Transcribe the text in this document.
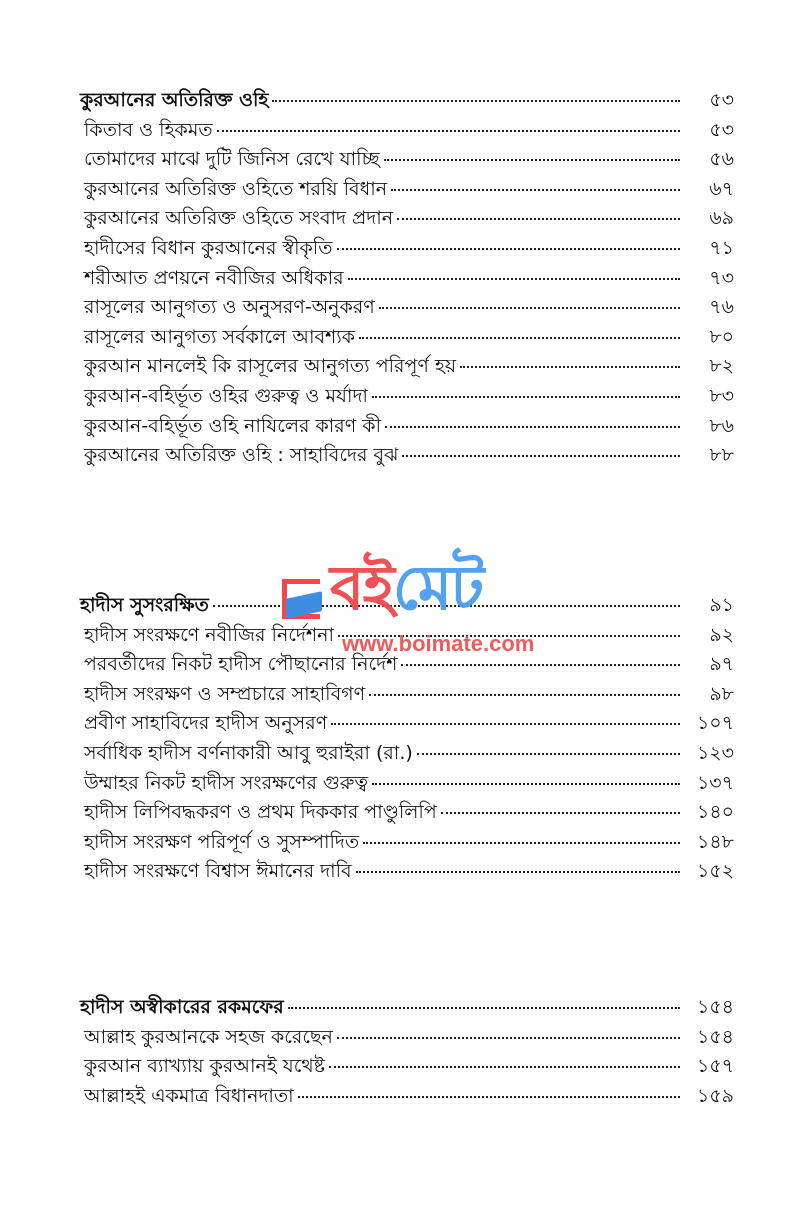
কুরআনের অতিরিক্ত ওহি	৫৩
কিতাব ও হিকমত	৫৩
তোমাদের মাঝে দুটি জিনিস রেখে যাচ্ছি	৫৬
কুরআনের অতিরিক্ত ওহিতে শরয়ি বিধান	৬৭
কুরআনের অতিরিক্ত ওহিতে সংবাদ প্রদান	৬৯
হাদীসের বিধান কুরআনের স্বীকৃতি	৭১
শরীআত প্রণয়নে নবীজির অধিকার	৭৩
রাসূলের আনুগত্য ও অনুসরণ-অনুকরণ	৭৬
রাসূলের আনুগত্য সর্বকালে আবশ্যক	৮০
কুরআন মানলেই কি রাসূলের আনুগত্য পরিপূর্ণ হয়	৮২
কুরআন-বহির্ভূত ওহির গুরুত্ব ও মর্যাদা	৮৩
কুরআন-বহির্ভূত ওহি নাযিলের কারণ কী	৮৬
কুরআনের অতিরিক্ত ওহি : সাহাবিদের বুঝ	৮৮
হাদীস সুসংরক্ষিত	৯১
হাদীস সংরক্ষণে নবীজির নির্দেশনা	৯২
পরবর্তীদের নিকট হাদীস পৌছানোর নির্দেশ	৯৭
হাদীস সংরক্ষণ ও সম্প্রচারে সাহাবিগণ	৯৮
প্রবীণ সাহাবিদের হাদীস অনুসরণ	১০৭
সর্বাধিক হাদীস বর্ণনাকারী আবু হুরাইরা (রা.)	১২৩
উম্মাহর নিকট হাদীস সংরক্ষণের গুরুত্ব	১৩৭
হাদীস লিপিবদ্ধকরণ ও প্রথম দিককার পাণ্ডুলিপি	১৪০
হাদীস সংরক্ষণ পরিপূর্ণ ও সুসম্পাদিত	১৪৮
হাদীস সংরক্ষণে বিশ্বাস ঈমানের দাবি	১৫২
হাদীস অস্বীকারের রকমফের	১৫৪
আল্লাহ কুরআনকে সহজ করেছেন	১৫৪
কুরআন ব্যাখ্যায় কুরআনই যথেষ্ট	১৫৭
আল্লাহই একমাত্র বিধানদাতা	১৫৯
বই মেট
www.boimate.com
